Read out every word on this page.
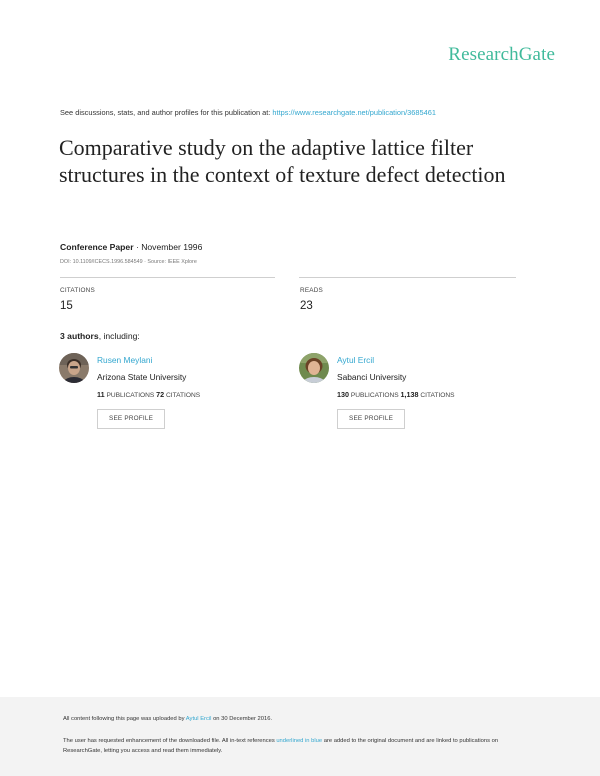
ResearchGate
See discussions, stats, and author profiles for this publication at: https://www.researchgate.net/publication/3685461
Comparative study on the adaptive lattice filter structures in the context of texture defect detection
Conference Paper · November 1996
DOI: 10.1109/ICECS.1996.584549 · Source: IEEE Xplore
CITATIONS
15
READS
23
3 authors, including:
Rusen Meylani
Arizona State University
11 PUBLICATIONS 72 CITATIONS
SEE PROFILE
Aytul Ercil
Sabanci University
130 PUBLICATIONS 1,138 CITATIONS
SEE PROFILE
All content following this page was uploaded by Aytul Ercil on 30 December 2016.
The user has requested enhancement of the downloaded file. All in-text references underlined in blue are added to the original document and are linked to publications on ResearchGate, letting you access and read them immediately.
